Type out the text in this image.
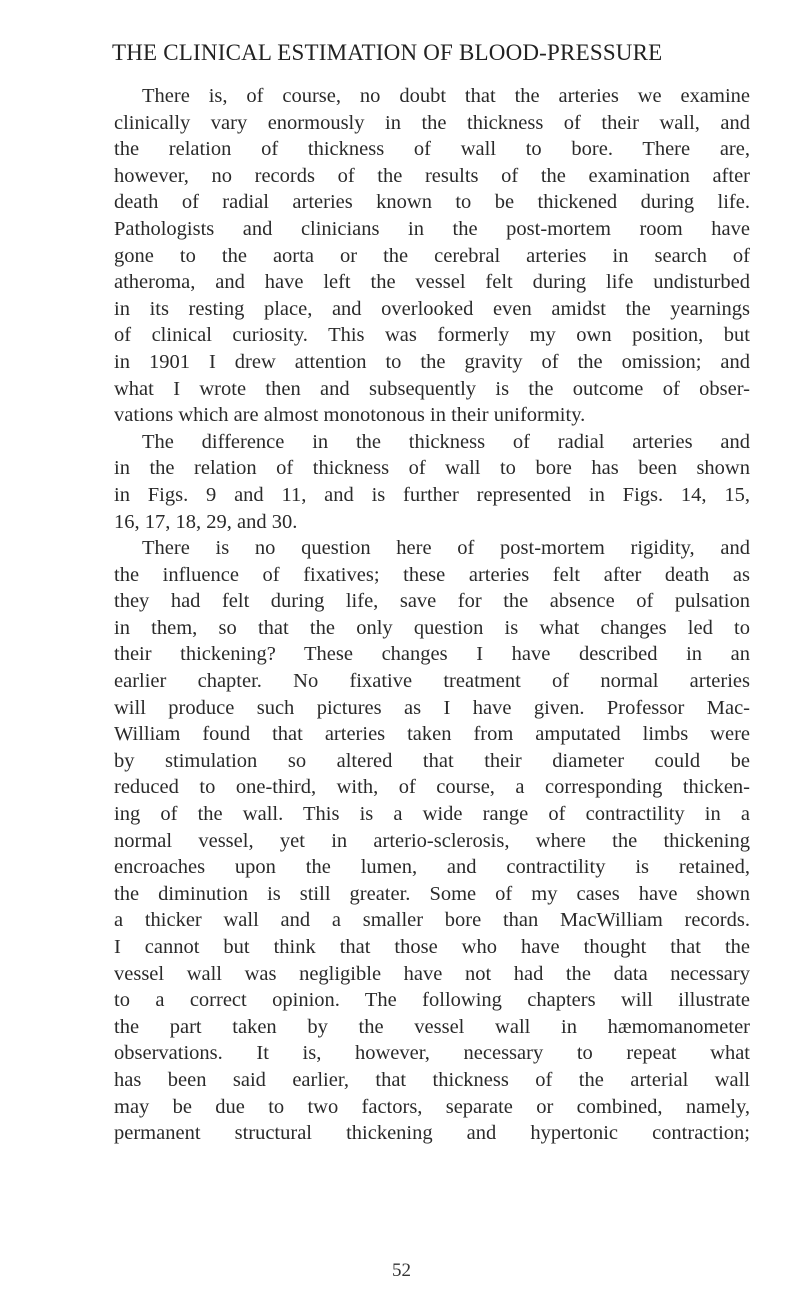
THE CLINICAL ESTIMATION OF BLOOD-PRESSURE
There is, of course, no doubt that the arteries we examine
clinically vary enormously in the thickness of their wall, and
the relation of thickness of wall to bore. There are,
however, no records of the results of the examination after
death of radial arteries known to be thickened during life.
Pathologists and clinicians in the post-mortem room have
gone to the aorta or the cerebral arteries in search of
atheroma, and have left the vessel felt during life undisturbed
in its resting place, and overlooked even amidst the yearnings
of clinical curiosity. This was formerly my own position, but
in 1901 I drew attention to the gravity of the omission; and
what I wrote then and subsequently is the outcome of obser-
vations which are almost monotonous in their uniformity.
The difference in the thickness of radial arteries and
in the relation of thickness of wall to bore has been shown
in Figs. 9 and 11, and is further represented in Figs. 14, 15,
16, 17, 18, 29, and 30.
There is no question here of post-mortem rigidity, and
the influence of fixatives; these arteries felt after death as
they had felt during life, save for the absence of pulsation
in them, so that the only question is what changes led to
their thickening? These changes I have described in an
earlier chapter. No fixative treatment of normal arteries
will produce such pictures as I have given. Professor Mac-
William found that arteries taken from amputated limbs were
by stimulation so altered that their diameter could be
reduced to one-third, with, of course, a corresponding thicken-
ing of the wall. This is a wide range of contractility in a
normal vessel, yet in arterio-sclerosis, where the thickening
encroaches upon the lumen, and contractility is retained,
the diminution is still greater. Some of my cases have shown
a thicker wall and a smaller bore than MacWilliam records.
I cannot but think that those who have thought that the
vessel wall was negligible have not had the data necessary
to a correct opinion. The following chapters will illustrate
the part taken by the vessel wall in hæmomanometer
observations. It is, however, necessary to repeat what
has been said earlier, that thickness of the arterial wall
may be due to two factors, separate or combined, namely,
permanent structural thickening and hypertonic contraction;
52
